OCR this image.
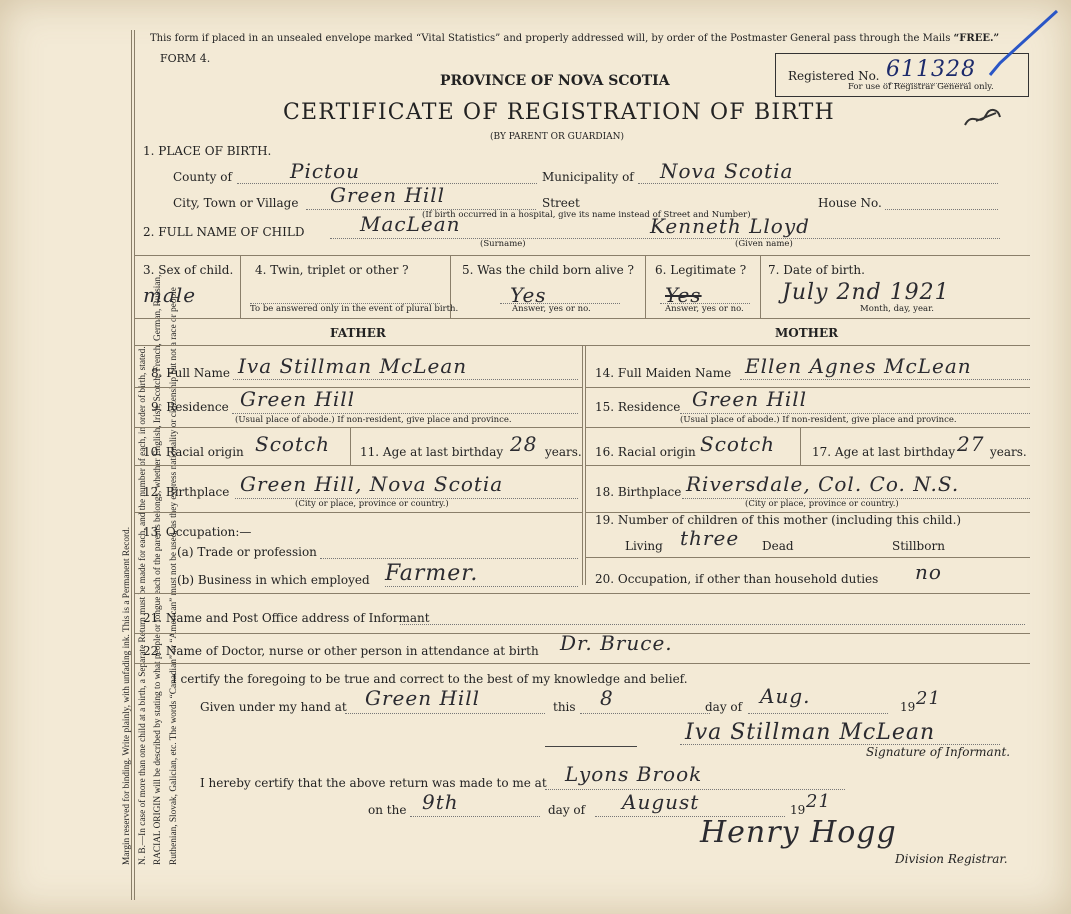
Margin reserved for binding. Write plainly, with unfading ink. This is a Permanent Record. N. B.—In case of more than one child at a birth, a Separate Return must be made for each, and the number of each, in order of birth, stated. RACIAL ORIGIN will be described by stating to what people or tongue each of the parents belongs, whether English, Irish, Scotch, French, German, Russian, Ruthenian, Slovak, Galician, etc. The words “Canadian” or “American” must not be used, as they express nationality or citizenship but not a race or people
This form if placed in an unsealed envelope marked “Vital Statistics” and properly addressed will, by order of the Postmaster General pass through the Mails “FREE.”
FORM 4.
PROVINCE OF NOVA SCOTIA
CERTIFICATE OF REGISTRATION OF BIRTH
(BY PARENT OR GUARDIAN)
Registered No. 611328
For use of Registrar General only.
1. PLACE OF BIRTH.
County of	Pictou	Municipality of Nova Scotia
City, Town or Village Green Hill	Street	House No.
(If birth occurred in a hospital, give its name instead of Street and Number)
2. FULL NAME OF CHILD	MacLean	Kenneth Lloyd
(Surname)	(Given name)
3. Sex of child.
male
4. Twin, triplet or other ?
To be answered only in the event of plural birth.
5. Was the child born alive ?
Yes
Answer, yes or no.
6. Legitimate ?
Yes
Answer, yes or no.
7. Date of birth.
July 2nd 1921
Month, day, year.
FATHER	MOTHER
8. Full Name Iva Stillman McLean
9. Residence Green Hill
(Usual place of abode.) If non-resident, give place and province.
10. Racial origin Scotch 11. Age at last birthday 28 years.
12. Birthplace Green Hill, Nova Scotia
(City or place, province or country.)
13. Occupation:—
(a) Trade or profession
(b) Business in which employed Farmer.
14. Full Maiden Name Ellen Agnes McLean
15. Residence Green Hill
(Usual place of abode.) If non-resident, give place and province.
16. Racial origin Scotch	17. Age at last birthday 27 years.
18. Birthplace Riversdale, Col. Co. N.S.
(City or place, province or country.)
19. Number of children of this mother (including this child.)
Living three Dead	Stillborn
20. Occupation, if other than household duties no
21. Name and Post Office address of Informant
22. Name of Doctor, nurse or other person in attendance at birth Dr. Bruce.
I certify the foregoing to be true and correct to the best of my knowledge and belief.
Given under my hand at Green Hill	this 8	day of Aug.	19 21
Iva Stillman McLean
Signature of Informant.
I hereby certify that the above return was made to me at Lyons Brook
on the 9th	day of August	19 21
Henry Hogg
Division Registrar.
